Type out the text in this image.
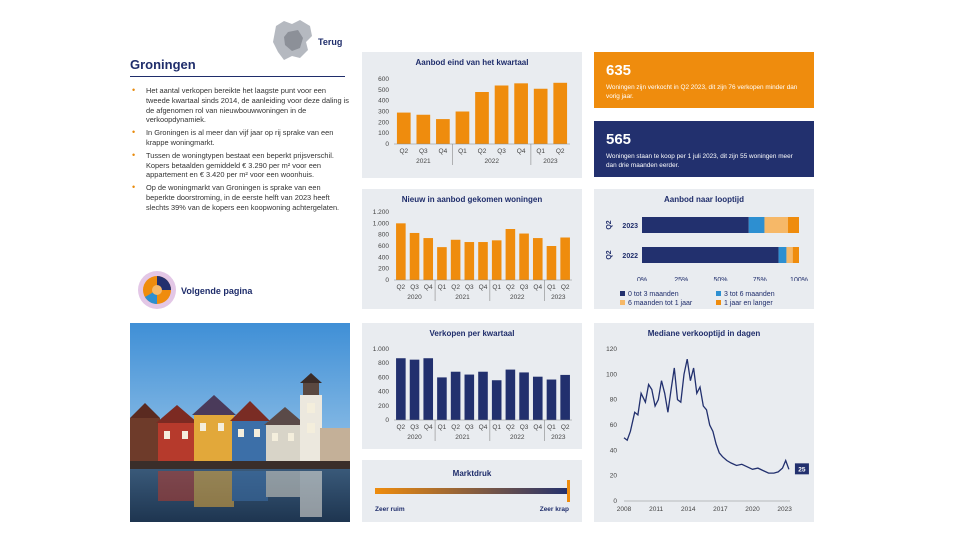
Terug
Groningen
• Het aantal verkopen bereikte het laagste punt voor een tweede kwartaal sinds 2014, de aanleiding voor deze daling is de afgenomen rol van nieuwbouwwoningen in de verkoopdynamiek.
• In Groningen is al meer dan vijf jaar op rij sprake van een krappe woningmarkt.
• Tussen de woningtypen bestaat een beperkt prijsverschil. Kopers betaalden gemiddeld € 3.290 per m² voor een appartement en € 3.420 per m² voor een woonhuis.
• Op de woningmarkt van Groningen is sprake van een beperkte doorstroming, in de eerste helft van 2023 heeft slechts 39% van de kopers een koopwoning achtergelaten.
Volgende pagina
Aanbod eind van het kwartaal
0
100
200
300
400
500
600
Q2 Q3 Q4 Q1 Q2 Q3 Q4 Q1 Q2
2021	2022	2023
Nieuw in aanbod gekomen woningen
0
200
400
600
800
1.000
1.200
Q2 Q3 Q4 Q1 Q2 Q3 Q4 Q1 Q2 Q3 Q4 Q1 Q2
2020	2021	2022	2023
Verkopen per kwartaal
0
200
400
600
800
1.000
Q2 Q3 Q4 Q1 Q2 Q3 Q4 Q1 Q2 Q3 Q4 Q1 Q2
2020	2021	2022	2023
Marktdruk
Zeer ruim	Zeer krap
635
Woningen zijn verkocht in Q2 2023, dit zijn 76 verkopen minder dan vorig jaar.
565
Woningen staan te koop per 1 juli 2023, dit zijn 55 woningen meer dan drie maanden eerder.
Aanbod naar looptijd
2023
Q2
2022
Q2
0%	25%	50%	75%	100%
0 tot 3 maanden	3 tot 6 maanden
6 maanden tot 1 jaar	1 jaar en langer
Mediane verkooptijd in dagen
0
20
40
60
80
100
120
2008	2011	2014	2017	2020	2023
25
